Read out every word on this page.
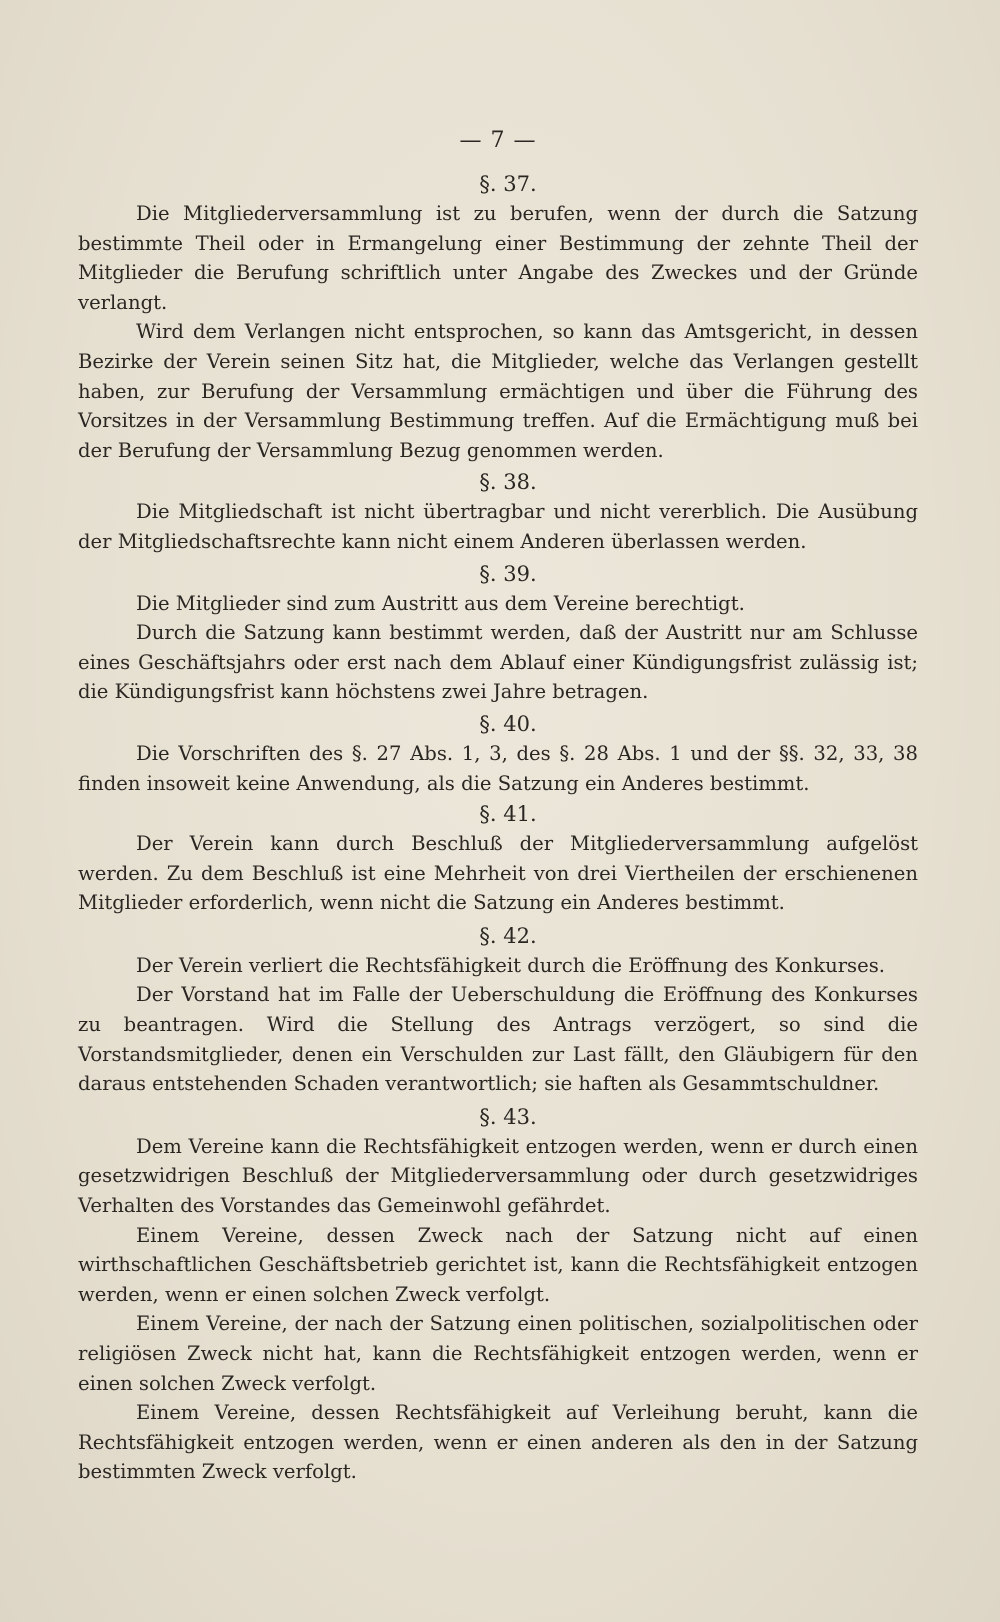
— 7 —
§. 37.

Die Mitgliederversammlung ist zu berufen, wenn der durch die Satzung bestimmte Theil oder in Ermangelung einer Bestimmung der zehnte Theil der Mitglieder die Berufung schriftlich unter Angabe des Zweckes und der Gründe verlangt.

Wird dem Verlangen nicht entsprochen, so kann das Amtsgericht, in dessen Bezirke der Verein seinen Sitz hat, die Mitglieder, welche das Verlangen gestellt haben, zur Berufung der Versammlung ermächtigen und über die Führung des Vorsitzes in der Versammlung Bestimmung treffen. Auf die Ermächtigung muß bei der Berufung der Versammlung Bezug genommen werden.

§. 38.

Die Mitgliedschaft ist nicht übertragbar und nicht vererblich. Die Ausübung der Mitgliedschaftsrechte kann nicht einem Anderen überlassen werden.

§. 39.

Die Mitglieder sind zum Austritt aus dem Vereine berechtigt.

Durch die Satzung kann bestimmt werden, daß der Austritt nur am Schlusse eines Geschäftsjahrs oder erst nach dem Ablauf einer Kündigungsfrist zulässig ist; die Kündigungsfrist kann höchstens zwei Jahre betragen.

§. 40.

Die Vorschriften des §. 27 Abs. 1, 3, des §. 28 Abs. 1 und der §§. 32, 33, 38 finden insoweit keine Anwendung, als die Satzung ein Anderes bestimmt.

§. 41.

Der Verein kann durch Beschluß der Mitgliederversammlung aufgelöst werden. Zu dem Beschluß ist eine Mehrheit von drei Viertheilen der erschienenen Mitglieder erforderlich, wenn nicht die Satzung ein Anderes bestimmt.

§. 42.

Der Verein verliert die Rechtsfähigkeit durch die Eröffnung des Konkurses.

Der Vorstand hat im Falle der Ueberschuldung die Eröffnung des Konkurses zu beantragen. Wird die Stellung des Antrags verzögert, so sind die Vorstandsmitglieder, denen ein Verschulden zur Last fällt, den Gläubigern für den daraus entstehenden Schaden verantwortlich; sie haften als Gesammtschuldner.

§. 43.

Dem Vereine kann die Rechtsfähigkeit entzogen werden, wenn er durch einen gesetzwidrigen Beschluß der Mitgliederversammlung oder durch gesetzwidriges Verhalten des Vorstandes das Gemeinwohl gefährdet.

Einem Vereine, dessen Zweck nach der Satzung nicht auf einen wirthschaftlichen Geschäftsbetrieb gerichtet ist, kann die Rechtsfähigkeit entzogen werden, wenn er einen solchen Zweck verfolgt.

Einem Vereine, der nach der Satzung einen politischen, sozialpolitischen oder religiösen Zweck nicht hat, kann die Rechtsfähigkeit entzogen werden, wenn er einen solchen Zweck verfolgt.

Einem Vereine, dessen Rechtsfähigkeit auf Verleihung beruht, kann die Rechtsfähigkeit entzogen werden, wenn er einen anderen als den in der Satzung bestimmten Zweck verfolgt.
